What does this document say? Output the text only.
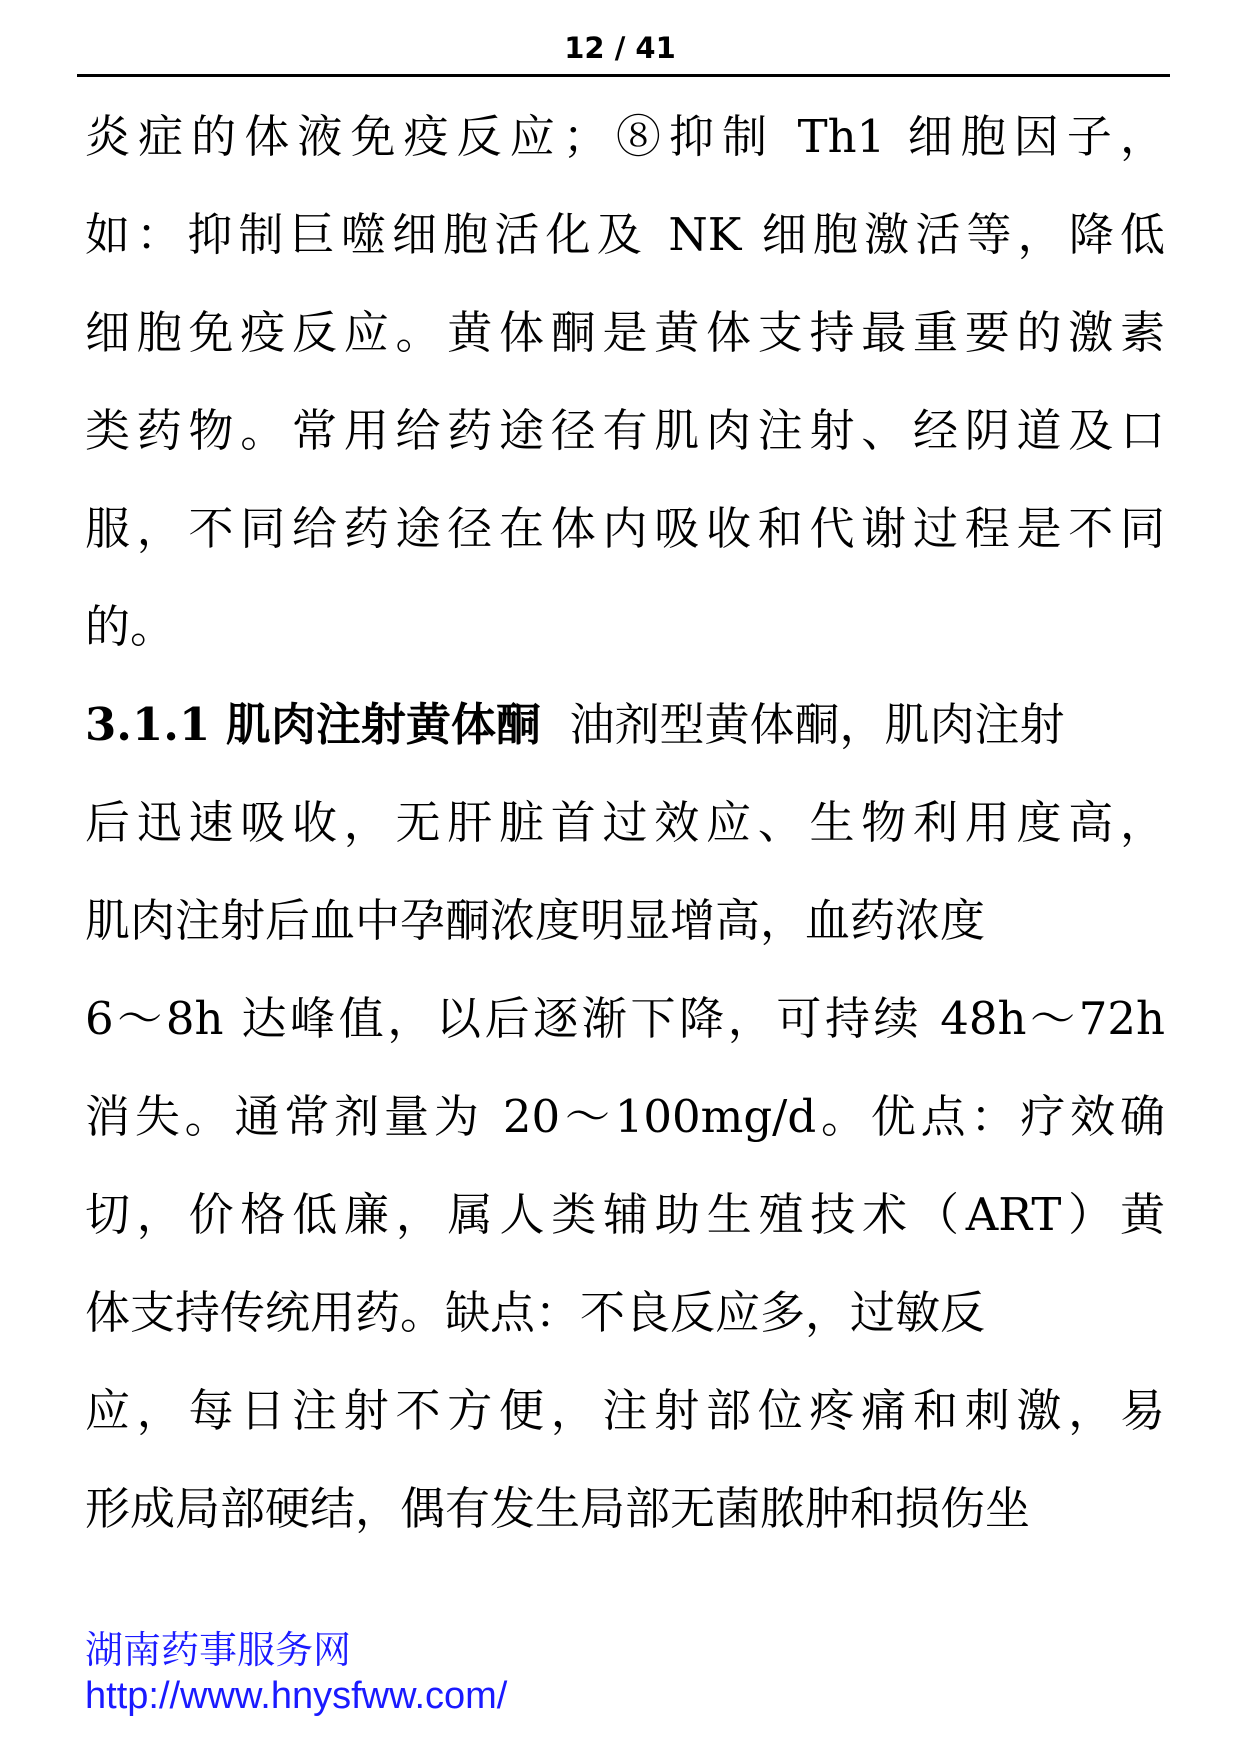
12 / 41
炎症的体液免疫反应；⑧抑制 Th1 细胞因子，
如：抑制巨噬细胞活化及 NK 细胞激活等，降低
细胞免疫反应。黄体酮是黄体支持最重要的激素
类药物。常用给药途径有肌肉注射、经阴道及口
服，不同给药途径在体内吸收和代谢过程是不同
的。
3.1.1 肌肉注射黄体酮 油剂型黄体酮，肌肉注射
后迅速吸收，无肝脏首过效应、生物利用度高，
肌肉注射后血中孕酮浓度明显增高，血药浓度
6～8h 达峰值，以后逐渐下降，可持续 48h～72h
消失。通常剂量为 20～100mg/d。优点：疗效确
切，价格低廉，属人类辅助生殖技术（ART）黄
体支持传统用药。缺点：不良反应多，过敏反
应，每日注射不方便，注射部位疼痛和刺激，易
形成局部硬结，偶有发生局部无菌脓肿和损伤坐
湖南药事服务网
http://www.hnysfww.com/
